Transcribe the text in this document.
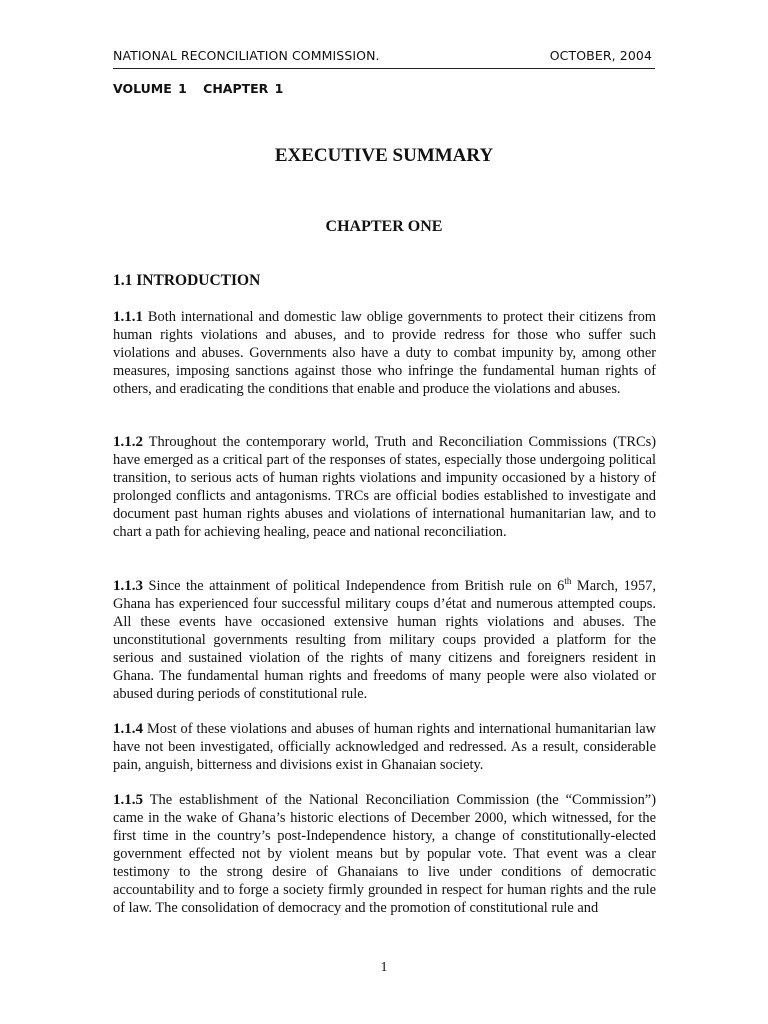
NATIONAL RECONCILIATION COMMISSION.	OCTOBER, 2004
VOLUME 1 CHAPTER 1
EXECUTIVE SUMMARY
CHAPTER ONE
1.1 INTRODUCTION

1.1.1 Both international and domestic law oblige governments to protect their citizens from human rights violations and abuses, and to provide redress for those who suffer such violations and abuses. Governments also have a duty to combat impunity by, among other measures, imposing sanctions against those who infringe the fundamental human rights of others, and eradicating the conditions that enable and produce the violations and abuses.

1.1.2 Throughout the contemporary world, Truth and Reconciliation Commissions (TRCs) have emerged as a critical part of the responses of states, especially those undergoing political transition, to serious acts of human rights violations and impunity occasioned by a history of prolonged conflicts and antagonisms. TRCs are official bodies established to investigate and document past human rights abuses and violations of international humanitarian law, and to chart a path for achieving healing, peace and national reconciliation.

1.1.3 Since the attainment of political Independence from British rule on 6th March, 1957, Ghana has experienced four successful military coups d’état and numerous attempted coups. All these events have occasioned extensive human rights violations and abuses. The unconstitutional governments resulting from military coups provided a platform for the serious and sustained violation of the rights of many citizens and foreigners resident in Ghana. The fundamental human rights and freedoms of many people were also violated or abused during periods of constitutional rule.

1.1.4 Most of these violations and abuses of human rights and international humanitarian law have not been investigated, officially acknowledged and redressed. As a result, considerable pain, anguish, bitterness and divisions exist in Ghanaian society.

1.1.5 The establishment of the National Reconciliation Commission (the “Commission”) came in the wake of Ghana’s historic elections of December 2000, which witnessed, for the first time in the country’s post-Independence history, a change of constitutionally-elected government effected not by violent means but by popular vote. That event was a clear testimony to the strong desire of Ghanaians to live under conditions of democratic accountability and to forge a society firmly grounded in respect for human rights and the rule of law. The consolidation of democracy and the promotion of constitutional rule and

1
